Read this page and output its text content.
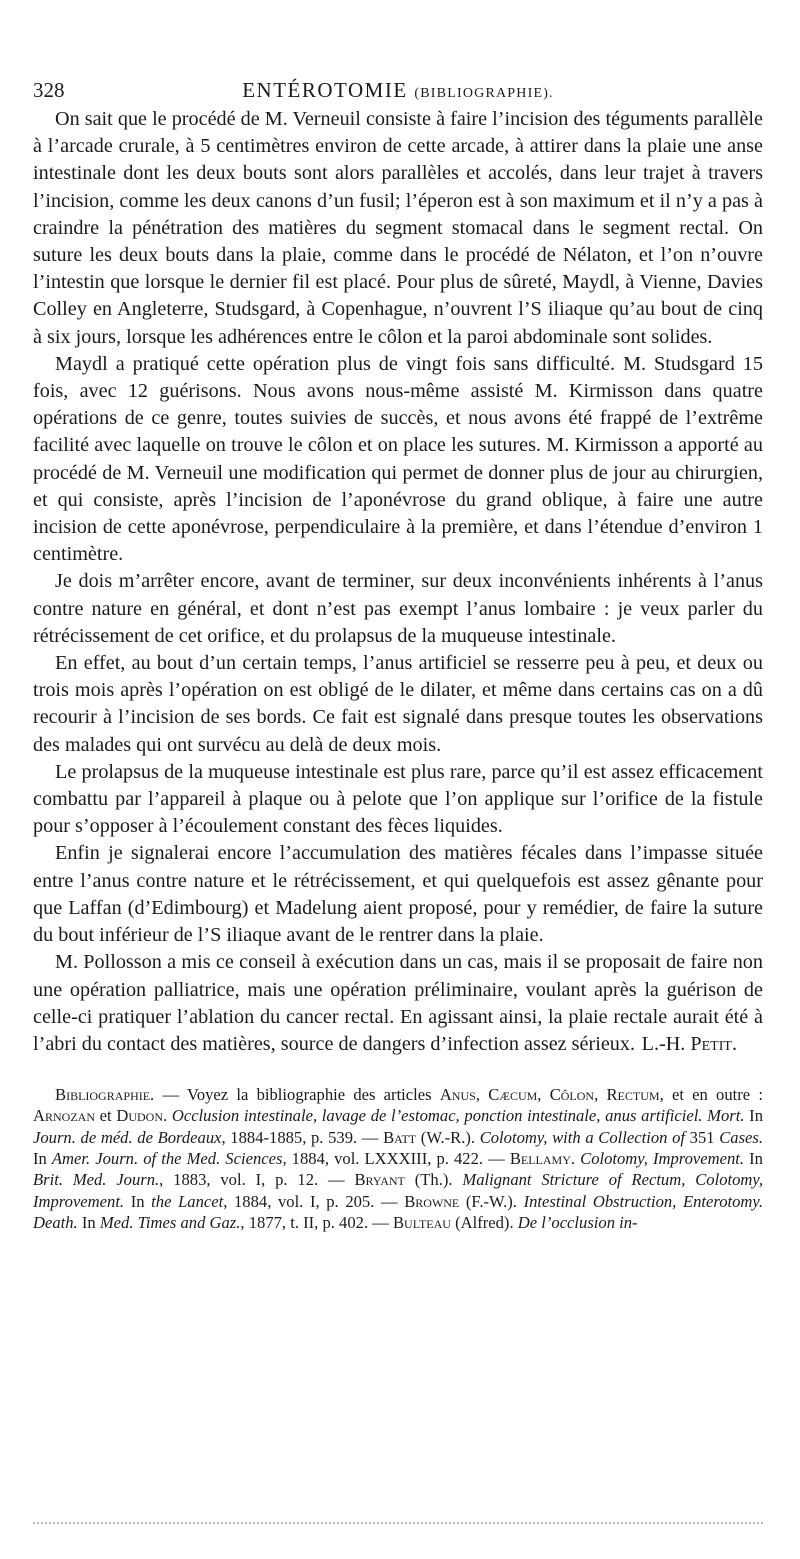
328	ENTÉROTOMIE (BIBLIOGRAPHIE).

On sait que le procédé de M. Verneuil consiste à faire l’incision des téguments parallèle à l’arcade crurale, à 5 centimètres environ de cette arcade, à attirer dans la plaie une anse intestinale dont les deux bouts sont alors parallèles et accolés, dans leur trajet à travers l’incision, comme les deux canons d’un fusil; l’éperon est à son maximum et il n’y a pas à craindre la pénétration des matières du segment stomacal dans le segment rectal. On suture les deux bouts dans la plaie, comme dans le procédé de Nélaton, et l’on n’ouvre l’intestin que lorsque le dernier fil est placé. Pour plus de sûreté, Maydl, à Vienne, Davies Colley en Angleterre, Studsgard, à Copenhague, n’ouvrent l’S iliaque qu’au bout de cinq à six jours, lorsque les adhérences entre le côlon et la paroi abdominale sont solides.

Maydl a pratiqué cette opération plus de vingt fois sans difficulté. M. Studsgard 15 fois, avec 12 guérisons. Nous avons nous-même assisté M. Kirmisson dans quatre opérations de ce genre, toutes suivies de succès, et nous avons été frappé de l’extrême facilité avec laquelle on trouve le côlon et on place les sutures. M. Kirmisson a apporté au procédé de M. Verneuil une modification qui permet de donner plus de jour au chirurgien, et qui consiste, après l’incision de l’aponévrose du grand oblique, à faire une autre incision de cette aponévrose, perpendiculaire à la première, et dans l’étendue d’environ 1 centimètre.

Je dois m’arrêter encore, avant de terminer, sur deux inconvénients inhérents à l’anus contre nature en général, et dont n’est pas exempt l’anus lombaire : je veux parler du rétrécissement de cet orifice, et du prolapsus de la muqueuse intestinale.

En effet, au bout d’un certain temps, l’anus artificiel se resserre peu à peu, et deux ou trois mois après l’opération on est obligé de le dilater, et même dans certains cas on a dû recourir à l’incision de ses bords. Ce fait est signalé dans presque toutes les observations des malades qui ont survécu au delà de deux mois.

Le prolapsus de la muqueuse intestinale est plus rare, parce qu’il est assez efficacement combattu par l’appareil à plaque ou à pelote que l’on applique sur l’orifice de la fistule pour s’opposer à l’écoulement constant des fèces liquides.

Enfin je signalerai encore l’accumulation des matières fécales dans l’impasse située entre l’anus contre nature et le rétrécissement, et qui quelquefois est assez gênante pour que Laffan (d’Edimbourg) et Madelung aient proposé, pour y remédier, de faire la suture du bout inférieur de l’S iliaque avant de le rentrer dans la plaie.

M. Pollosson a mis ce conseil à exécution dans un cas, mais il se proposait de faire non une opération palliatrice, mais une opération préliminaire, voulant après la guérison de celle-ci pratiquer l’ablation du cancer rectal. En agissant ainsi, la plaie rectale aurait été à l’abri du contact des matières, source de dangers d’infection assez sérieux. L.-H. Petit.
Bibliographie. — Voyez la bibliographie des articles Anus, Cæcum, Côlon, Rectum, et en outre : Arnozan et Dudon. Occlusion intestinale, lavage de l’estomac, ponction intestinale, anus artificiel. Mort. In Journ. de méd. de Bordeaux, 1884-1885, p. 539. — Batt (W.-R.). Colotomy, with a Collection of 351 Cases. In Amer. Journ. of the Med. Sciences, 1884, vol. LXXXIII, p. 422. — Bellamy. Colotomy, Improvement. In Brit. Med. Journ., 1883, vol. I, p. 12. — Bryant (Th.). Malignant Stricture of Rectum, Colotomy, Improvement. In the Lancet, 1884, vol. I, p. 205. — Browne (F.-W.). Intestinal Obstruction, Enterotomy. Death. In Med. Times and Gaz., 1877, t. II, p. 402. — Bulteau (Alfred). De l’occlusion in-
